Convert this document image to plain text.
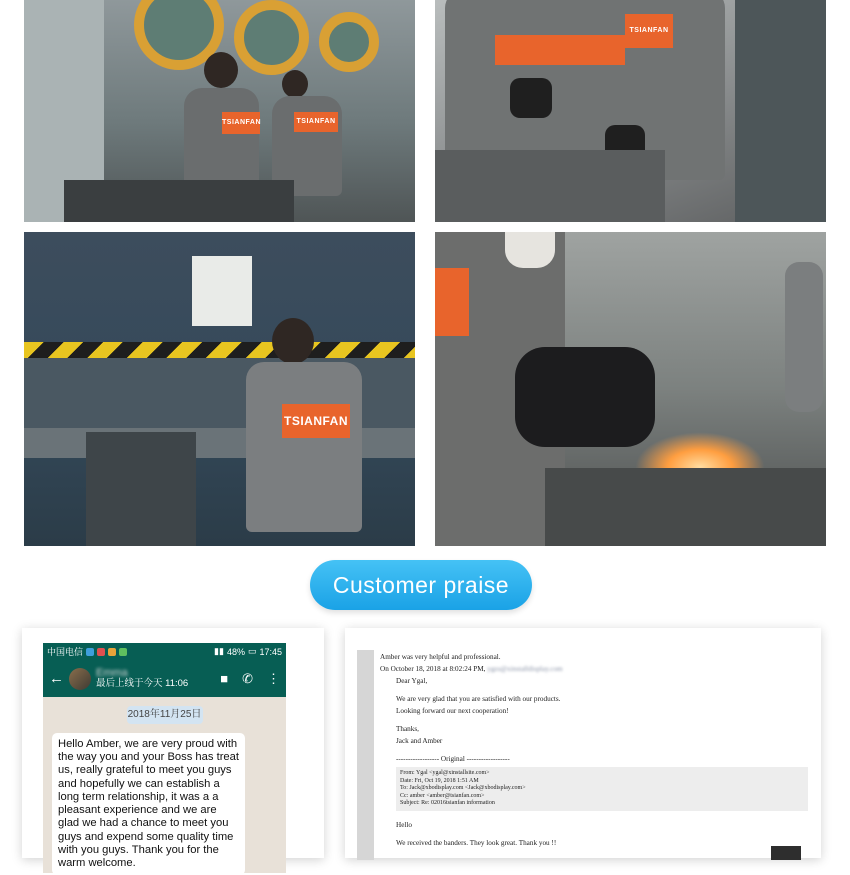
TSIANFAN	TSIANFAN
TSIANFAN
TSIANFAN
Customer praise
中国电信	▮▮ 48% ▭ 17:45
←	Emma
最后上线于今天 11:06	■ ✆ ⋮
2018年11月25日
Hello Amber, we are very proud with the way you and your Boss has treat us, really grateful to meet you guys and hopefully we can establish a long term relationship, it was a a pleasant experience and we are glad we had a chance to meet you guys and expend some quality time with you guys. Thank you for the warm welcome.
Amber was very helpful and professional.
On October 18, 2018 at 8:02:24 PM, ygzs@xinstalldisplay.com
Dear Ygal,
We are very glad that you are satisfied with our products.
Looking forward our next cooperation!
Thanks,
Jack and Amber
------------------ Original ------------------
From: Ygal <ygal@xinstallsite.com>
Date: Fri, Oct 19, 2018 1:51 AM
To: Jack@xbodisplay.com <Jack@xbodisplay.com>
Cc: amber <amber@tsianfan.com>
Subject: Re: 02016tsianfan information
Hello
We received the banders. They look great. Thank you !!
